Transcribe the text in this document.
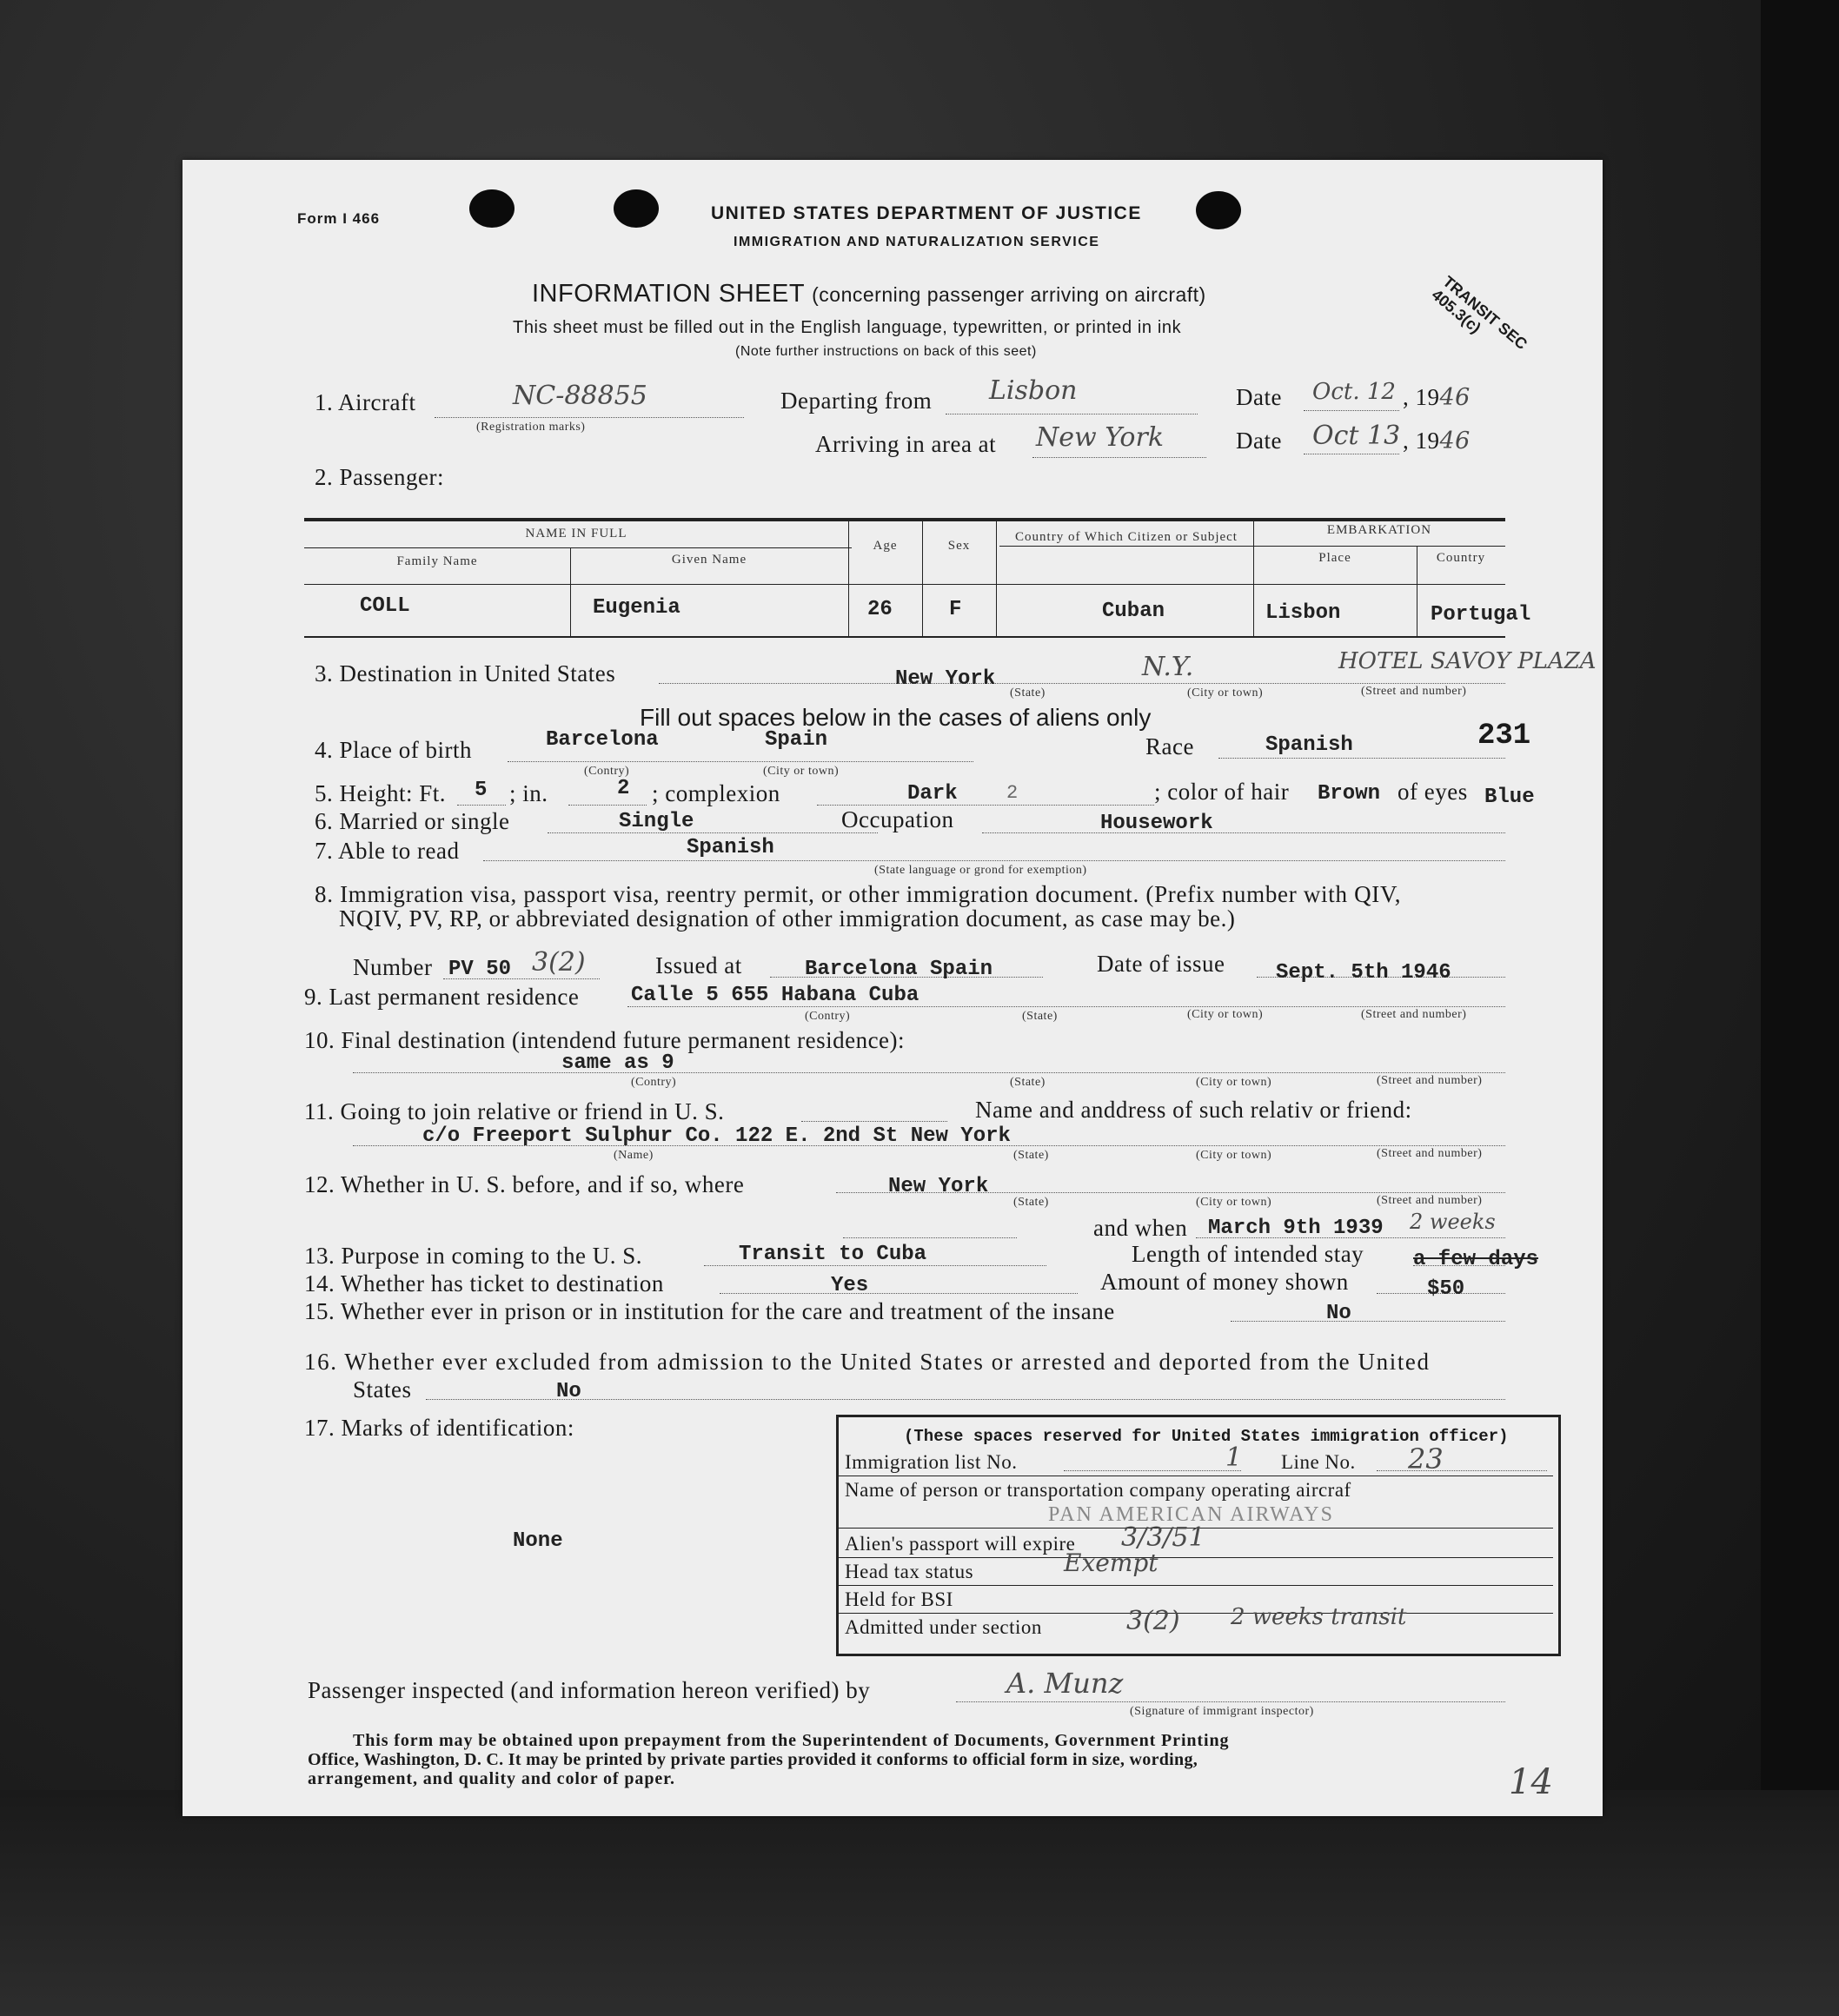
Form I 466	UNITED STATES DEPARTMENT OF JUSTICE
IMMIGRATION AND NATURALIZATION SERVICE
INFORMATION SHEET (concerning passenger arriving on aircraft)
This sheet must be filled out in the English language, typewritten, or printed in ink
(Note further instructions on back of this seet)	TRANSIT SEC 405.3(c)
1. Aircraft	NC-88855
(Registration marks)
Departing from Lisbon	Date Oct. 12 , 1946
Arriving in area at New York	Date Oct 13 , 1946
2. Passenger:
NAME IN FULL
Family Name	Given Name
Age	Sex
Country of Which Citizen or Subject	EMBARKATION
Place	Country
COLL	Eugenia	26	F	Cuban	Lisbon	Portugal
3. Destination in United States	New York
(State)
N.Y.
(City or town)
HOTEL SAVOY PLAZA
(Street and number)
Fill out spaces below in the cases of aliens only
4. Place of birth	Barcelona	Spain
(Contry)	(City or town)
Race	Spanish	231
5. Height: Ft. 5 ; in.	2 ; complexion	Dark	2	; color of hair Brown of eyes Blue
6. Married or single	Single	Occupation	Housework
7. Able to read	Spanish
(State language or grond for exemption)
8. Immigration visa, passport visa, reentry permit, or other immigration document. (Prefix number with QIV,
NQIV, PV, RP, or abbreviated designation of other immigration document, as case may be.)
Number PV 50 3(2)	Issued at	Barcelona Spain	Date of issue Sept. 5th 1946
9. Last permanent residence Calle 5 655 Habana Cuba
(Contry)	(State)	(City or town)	(Street and number)
10. Final destination (intendend future permanent residence):
same as 9
(Contry)	(State)	(City or town)	(Street and number)
11. Going to join relative or friend in U. S.	Name and anddress of such relativ or friend:
c/o Freeport Sulphur Co. 122 E. 2nd St New York
(Name)	(State)	(City or town)	(Street and number)
12. Whether in U. S. before, and if so, where	New York
(State)	(City or town)	(Street and number)
and when March 9th 1939 2 weeks
13. Purpose in coming to the U. S.	Transit to Cuba	Length of intended stay a few days
14. Whether has ticket to destination	Yes	Amount of money shown	$50
15. Whether ever in prison or in institution for the care and treatment of the insane	No
16. Whether ever excluded from admission to the United States or arrested and deported from the United
States	No
17. Marks of identification:
None
(These spaces reserved for United States immigration officer)
Immigration list No.	1 Line No. 23
Name of person or transportation company operating aircraf
PAN AMERICAN AIRWAYS
Alien's passport will expire 3/3/51
Head tax status	Exempt
Held for BSI
Admitted under section	3(2) 2 weeks transit
Passenger inspected (and information hereon verified) by	A. Munz
(Signature of immigrant inspector)
This form may be obtained upon prepayment from the Superintendent of Documents, Government Printing
Office, Washington, D. C. It may be printed by private parties provided it conforms to official form in size, wording,
arrangement, and quality and color of paper.	14
